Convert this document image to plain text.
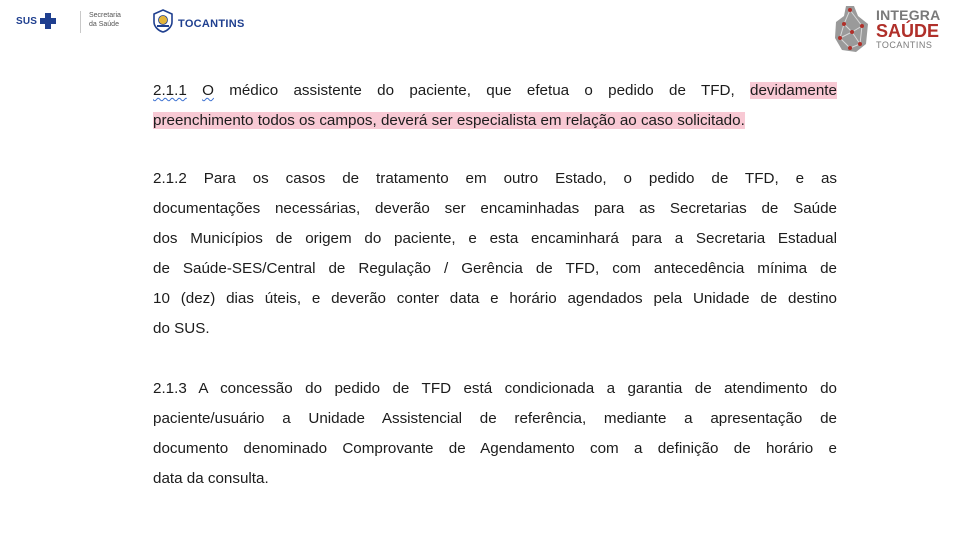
SUS	Secretaria
da Saúde	TOCANTINS
INTEGRA
SAÚDE
TOCANTINS
2.1.1 O médico assistente do paciente, que efetua o pedido de TFD, devidamente
preenchimento todos os campos, deverá ser especialista em relação ao caso solicitado.
2.1.2 Para os casos de tratamento em outro Estado, o pedido de TFD, e as
documentações necessárias, deverão ser encaminhadas para as Secretarias de Saúde
dos Municípios de origem do paciente, e esta encaminhará para a Secretaria Estadual
de Saúde-SES/Central de Regulação / Gerência de TFD, com antecedência mínima de
10 (dez) dias úteis, e deverão conter data e horário agendados pela Unidade de destino
do SUS.
2.1.3 A concessão do pedido de TFD está condicionada a garantia de atendimento do
paciente/usuário a Unidade Assistencial de referência, mediante a apresentação de
documento denominado Comprovante de Agendamento com a definição de horário e
data da consulta.
